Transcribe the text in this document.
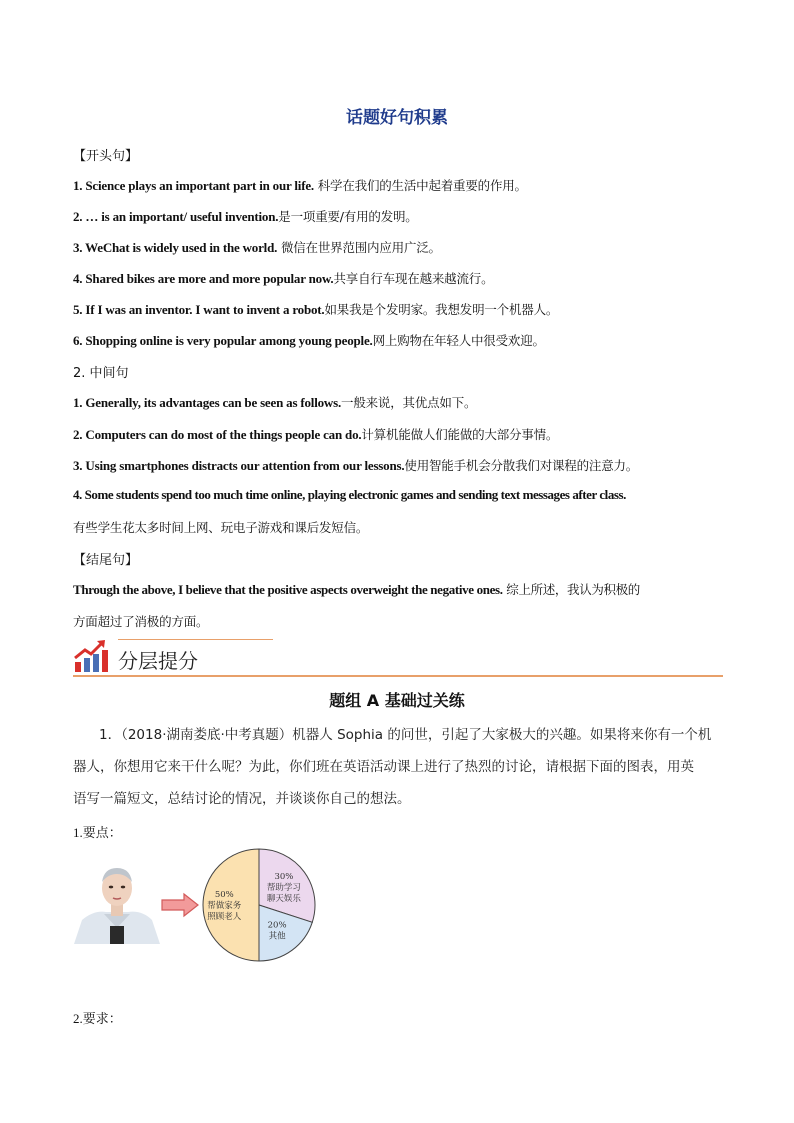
话题好句积累
【开头句】
1. Science plays an important part in our life. 科学在我们的生活中起着重要的作用。
2. … is an important/ useful invention.是一项重要/有用的发明。
3. WeChat is widely used in the world. 微信在世界范围内应用广泛。
4. Shared bikes are more and more popular now.共享自行车现在越来越流行。
5. If I was an inventor. I want to invent a robot.如果我是个发明家。我想发明一个机器人。
6. Shopping online is very popular among young people.网上购物在年轻人中很受欢迎。
2. 中间句
1. Generally, its advantages can be seen as follows.一般来说，其优点如下。
2. Computers can do most of the things people can do.计算机能做人们能做的大部分事情。
3. Using smartphones distracts our attention from our lessons.使用智能手机会分散我们对课程的注意力。
4. Some students spend too much time online, playing electronic games and sending text messages after class.
有些学生花太多时间上网、玩电子游戏和课后发短信。
【结尾句】
Through the above, I believe that the positive aspects overweight the negative ones. 综上所述，我认为积极的
方面超过了消极的方面。
分层提分
题组 A 基础过关练
1．（2018·湖南娄底·中考真题）机器人 Sophia 的问世，引起了大家极大的兴趣。如果将来你有一个机
器人，你想用它来干什么呢？为此，你们班在英语活动课上进行了热烈的讨论，请根据下面的图表，用英
语写一篇短文，总结讨论的情况，并谈谈你自己的想法。
1.要点：
30%
帮助学习
聊天娱乐
20%
其他
50%
帮做家务
照顾老人
2.要求：
